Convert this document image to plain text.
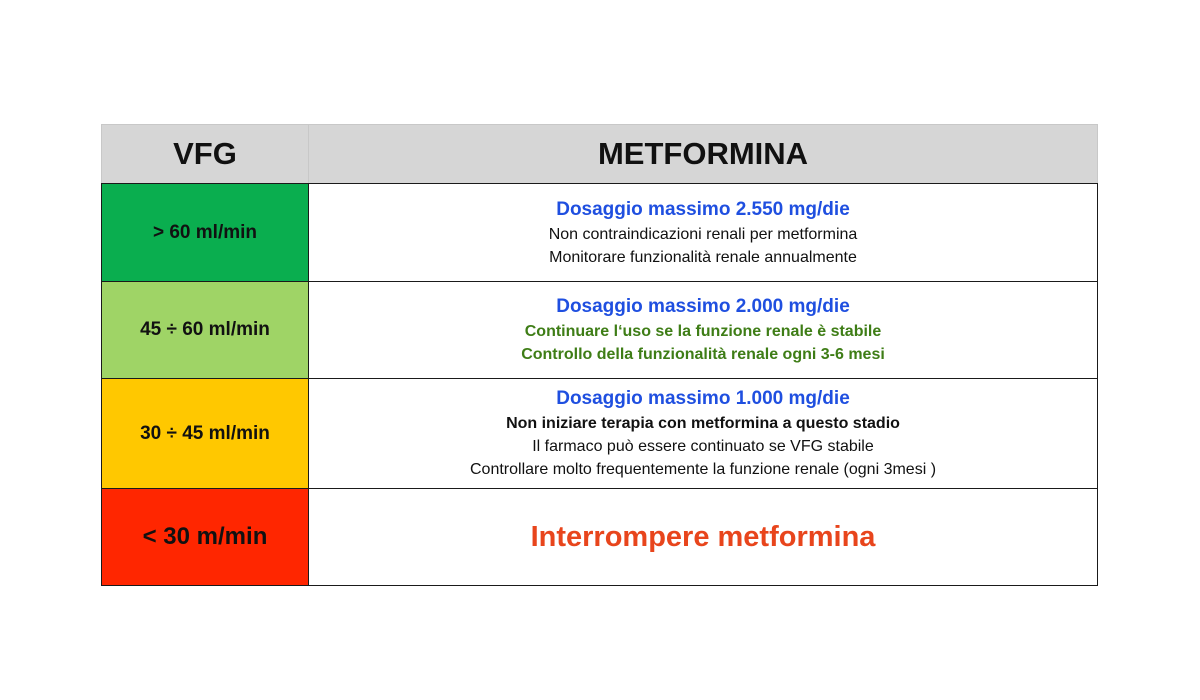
VFG	METFORMINA
> 60 ml/min	Dosaggio massimo 2.550 mg/die
Non contraindicazioni renali per metformina
Monitorare funzionalità renale annualmente

45 ÷ 60 ml/min	Dosaggio massimo 2.000 mg/die
Continuare l‘uso se la funzione renale è stabile
Controllo della funzionalità renale ogni 3-6 mesi

30 ÷ 45 ml/min	Dosaggio massimo 1.000 mg/die
Non iniziare terapia con metformina a questo stadio
Il farmaco può essere continuato se VFG stabile
Controllare molto frequentemente la funzione renale (ogni 3mesi )

< 30 m/min	Interrompere metformina
